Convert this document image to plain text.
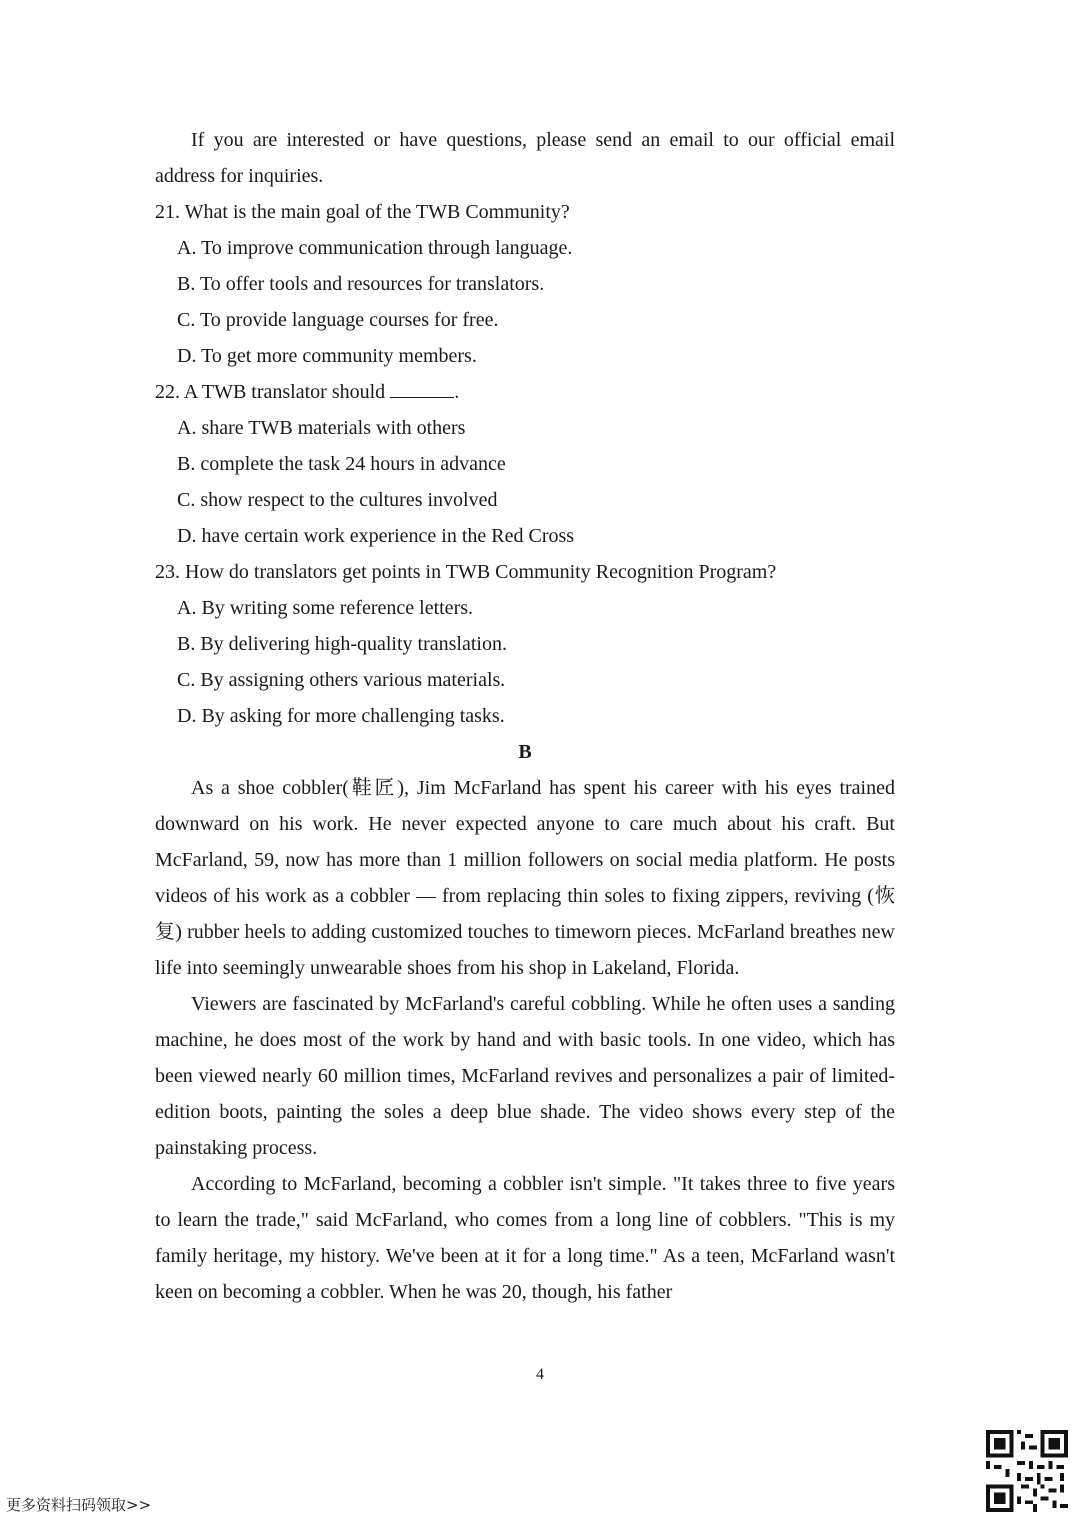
If you are interested or have questions, please send an email to our official email address for inquiries.

21. What is the main goal of the TWB Community?

A. To improve communication through language.

B. To offer tools and resources for translators.

C. To provide language courses for free.

D. To get more community members.

22. A TWB translator should	.

A. share TWB materials with others

B. complete the task 24 hours in advance

C. show respect to the cultures involved

D. have certain work experience in the Red Cross

23. How do translators get points in TWB Community Recognition Program?

A. By writing some reference letters.

B. By delivering high-quality translation.

C. By assigning others various materials.

D. By asking for more challenging tasks.

B

As a shoe cobbler(鞋匠), Jim McFarland has spent his career with his eyes trained downward on his work. He never expected anyone to care much about his craft. But McFarland, 59, now has more than 1 million followers on social media platform. He posts videos of his work as a cobbler — from replacing thin soles to fixing zippers, reviving (恢复) rubber heels to adding customized touches to timeworn pieces. McFarland breathes new life into seemingly unwearable shoes from his shop in Lakeland, Florida.

Viewers are fascinated by McFarland's careful cobbling. While he often uses a sanding machine, he does most of the work by hand and with basic tools. In one video, which has been viewed nearly 60 million times, McFarland revives and personalizes a pair of limited-edition boots, painting the soles a deep blue shade. The video shows every step of the painstaking process.

According to McFarland, becoming a cobbler isn't simple. "It takes three to five years to learn the trade," said McFarland, who comes from a long line of cobblers. "This is my family heritage, my history. We've been at it for a long time." As a teen, McFarland wasn't keen on becoming a cobbler. When he was 20, though, his father

4
更多资料扫码领取>>
